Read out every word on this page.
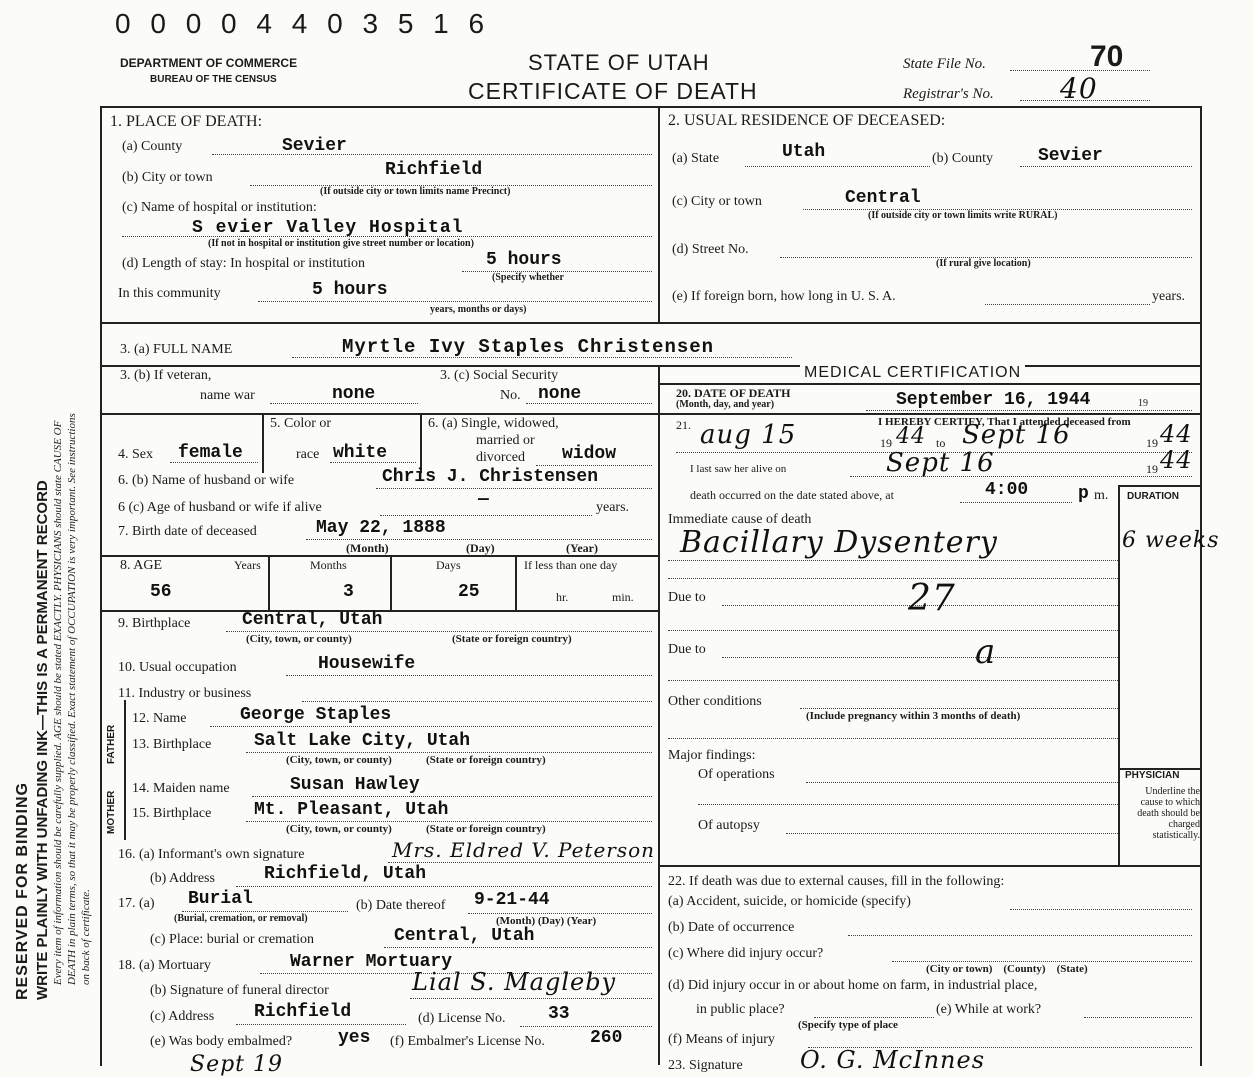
RESERVED FOR BINDING WRITE PLAINLY WITH UNFADING INK—THIS IS A PERMANENT RECORD Every item of information should be carefully supplied. AGE should be stated EXACTLY. PHYSICIANS should state CAUSE OF DEATH in plain terms, so that it may be properly classified. Exact statement of OCCUPATION is very important. See instructions on back of certificate.
0 0 0 0 4 4 0 3 5 1 6
DEPARTMENT OF COMMERCE
BUREAU OF THE CENSUS
STATE OF UTAH
CERTIFICATE OF DEATH
State File No.	70
Registrar's No. 40
1. PLACE OF DEATH:
(a) County	Sevier
(b) City or town	Richfield
(If outside city or town limits name Precinct)
(c) Name of hospital or institution:
S evier Valley Hospital
(If not in hospital or institution give street number or location)
(d) Length of stay: In hospital or institution	5 hours
(Specify whether
In this community	5 hours
years, months or days)
2. USUAL RESIDENCE OF DECEASED:
(a) State	Utah	(b) County Sevier
(c) City or town	Central
(If outside city or town limits write RURAL)
(d) Street No.
(If rural give location)
(e) If foreign born, how long in U. S. A.	years.
3. (a) FULL NAME	Myrtle Ivy Staples Christensen
3. (b) If veteran,
name war	none
3. (c) Social Security
No. none
MEDICAL CERTIFICATION
20. DATE OF DEATH
(Month, day, and year)	September 16, 1944	19
4. Sex female
5. Color or
race white
6. (a) Single, widowed,
married or
divorced widow
21.	I HEREBY CERTIFY, That I attended deceased from
aug 15	19 44 to Sept 16	19 44
I last saw her alive on	Sept 16	19 44
death occurred on the date stated above, at	4:00	p m. DURATION
6. (b) Name of husband or wife	Chris J. Christensen
6 (c) Age of husband or wife if alive	—	years.
7. Birth date of deceased	May 22, 1888
(Month)	(Day)	(Year)
Immediate cause of death
Bacillary Dysentery	6 weeks
8. AGE	Years	Months	Days	If less than one day
56	3	25	hr.	min. Due to	27
Due to	a
9. Birthplace	Central, Utah
(City, town, or county)	(State or foreign country)
10. Usual occupation	Housewife
11. Industry or business
Other conditions
(Include pregnancy within 3 months of death)
Major findings:
Of operations
Of autopsy
PHYSICIAN
Underline the cause to which death should be charged statistically.
FATHER
MOTHER
12. Name	George Staples
13. Birthplace Salt Lake City, Utah
(City, town, or county)	(State or foreign country)
14. Maiden name	Susan Hawley
15. Birthplace Mt. Pleasant, Utah
(City, town, or county)	(State or foreign country)
16. (a) Informant's own signature	Mrs. Eldred V. Peterson
(b) Address	Richfield, Utah	22. If death was due to external causes, fill in the following:
(a) Accident, suicide, or homicide (specify)
(b) Date of occurrence
(c) Where did injury occur?
(City or town)    (County)    (State)
(d) Did injury occur in or about home on farm, in industrial place,
in public place?	(e) While at work?
(Specify type of place
(f) Means of injury
23. Signature O. G. McInnes
17. (a) Burial
(Burial, cremation, or removal)
(b) Date thereof 9-21-44
(Month) (Day) (Year)
(c) Place: burial or cremation	Central, Utah
18. (a) Mortuary	Warner Mortuary
(b) Signature of funeral director	Lial S. Magleby
(c) Address Richfield	(d) License No. 33
(e) Was body embalmed?	yes (f) Embalmer's License No.	260
Sept 19
